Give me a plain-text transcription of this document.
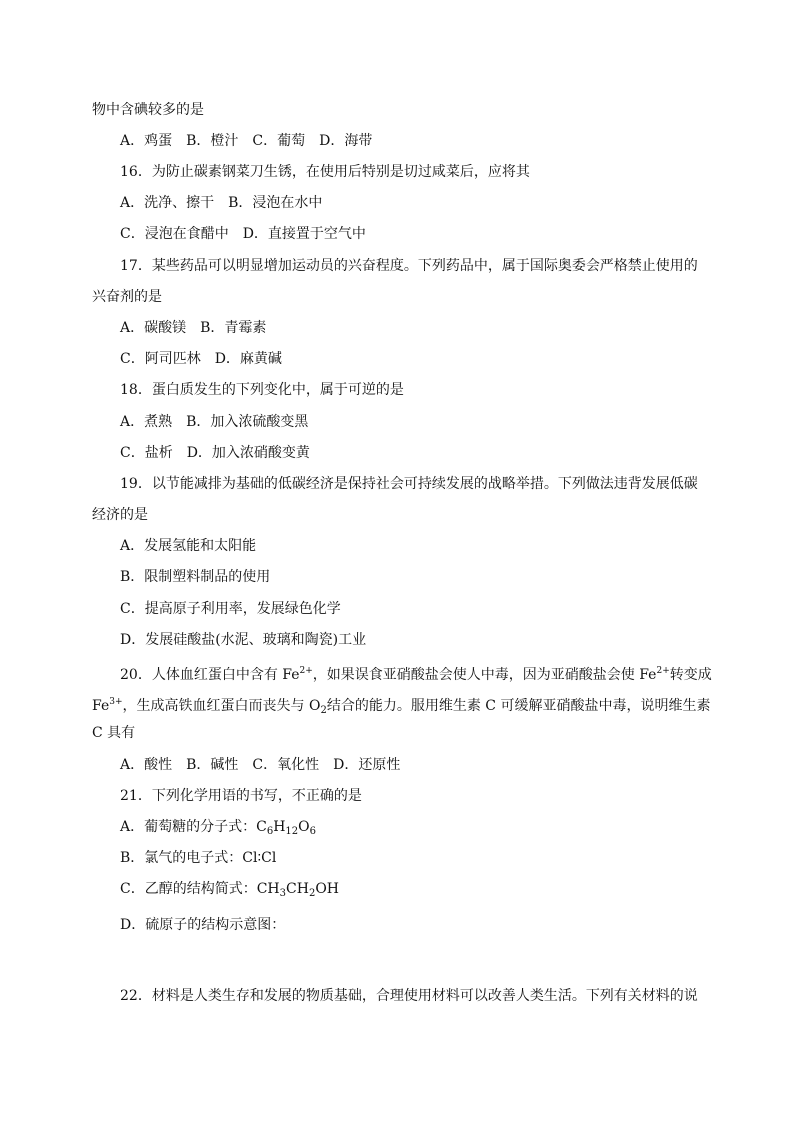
物中含碘较多的是
A．鸡蛋　B．橙汁　C．葡萄　D．海带
16．为防止碳素钢菜刀生锈，在使用后特别是切过咸菜后，应将其
A．洗净、擦干　B．浸泡在水中
C．浸泡在食醋中　D．直接置于空气中
17．某些药品可以明显增加运动员的兴奋程度。下列药品中，属于国际奥委会严格禁止使用的
兴奋剂的是
A．碳酸镁　B．青霉素
C．阿司匹林　D．麻黄碱
18．蛋白质发生的下列变化中，属于可逆的是
A．煮熟　B．加入浓硫酸变黑
C．盐析　D．加入浓硝酸变黄
19．以节能减排为基础的低碳经济是保持社会可持续发展的战略举措。下列做法违背发展低碳
经济的是
A．发展氢能和太阳能
B．限制塑料制品的使用
C．提高原子利用率，发展绿色化学
D．发展硅酸盐(水泥、玻璃和陶瓷)工业
20．人体血红蛋白中含有 $Fe^{2+}$，如果误食亚硝酸盐会使人中毒，因为亚硝酸盐会使 $Fe^{2+}$转变成
$Fe^{3+}$，生成高铁血红蛋白而丧失与 $O_2$结合的能力。服用维生素 C 可缓解亚硝酸盐中毒，说明维生素
C 具有
A．酸性　B．碱性　C．氧化性　D．还原性
21．下列化学用语的书写，不正确的是
A．葡萄糖的分子式：$C_6H_{12}O_6$
B．氯气的电子式：Cl∶Cl
C．乙醇的结构简式：$CH_3CH_2OH$
D．硫原子的结构示意图：
22．材料是人类生存和发展的物质基础，合理使用材料可以改善人类生活。下列有关材料的说
